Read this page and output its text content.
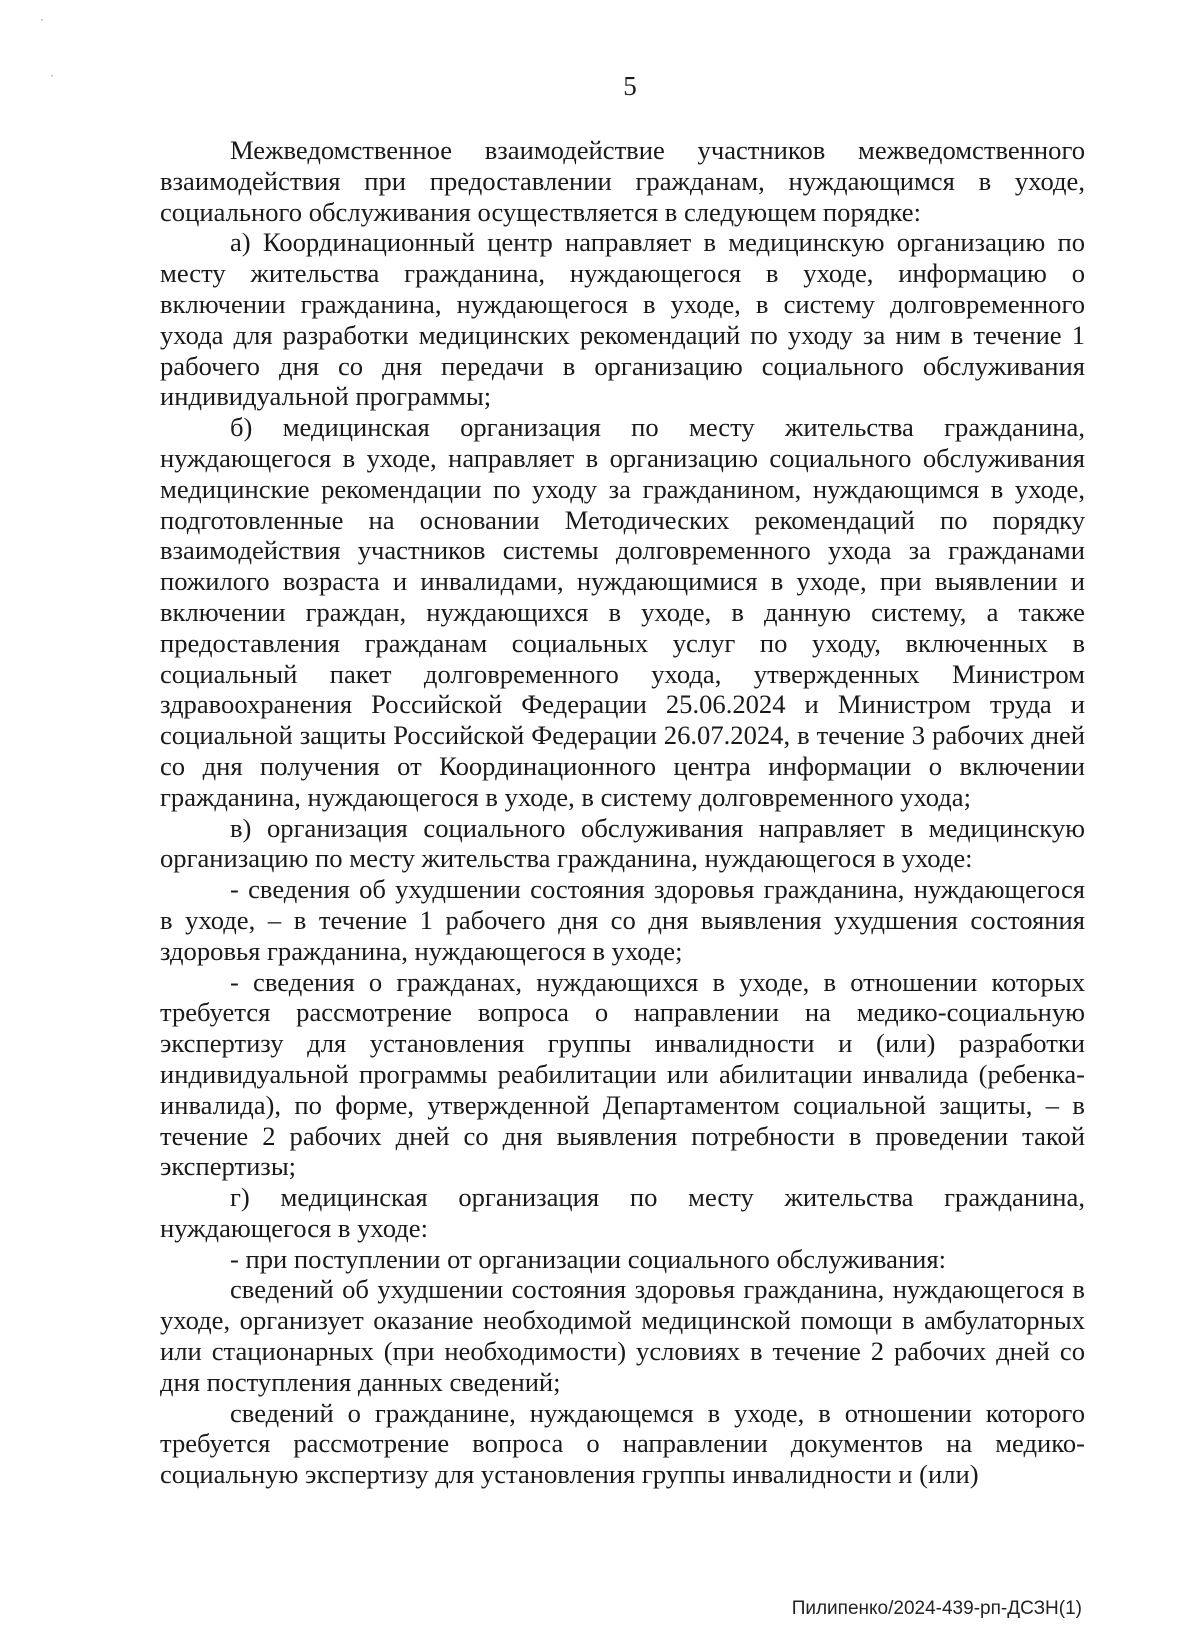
·
·	5

Межведомственное взаимодействие участников межведомственного взаимодействия при предоставлении гражданам, нуждающимся в уходе, социального обслуживания осуществляется в следующем порядке:

а) Координационный центр направляет в медицинскую организацию по месту жительства гражданина, нуждающегося в уходе, информацию о включении гражданина, нуждающегося в уходе, в систему долговременного ухода для разработки медицинских рекомендаций по уходу за ним в течение 1 рабочего дня со дня передачи в организацию социального обслуживания индивидуальной программы;

б) медицинская организация по месту жительства гражданина, нуждающегося в уходе, направляет в организацию социального обслуживания медицинские рекомендации по уходу за гражданином, нуждающимся в уходе, подготовленные на основании Методических рекомендаций по порядку взаимодействия участников системы долговременного ухода за гражданами пожилого возраста и инвалидами, нуждающимися в уходе, при выявлении и включении граждан, нуждающихся в уходе, в данную систему, а также предоставления гражданам социальных услуг по уходу, включенных в социальный пакет долговременного ухода, утвержденных Министром здравоохранения Российской Федерации 25.06.2024 и Министром труда и социальной защиты Российской Федерации 26.07.2024, в течение 3 рабочих дней со дня получения от Координационного центра информации о включении гражданина, нуждающегося в уходе, в систему долговременного ухода;

в) организация социального обслуживания направляет в медицинскую организацию по месту жительства гражданина, нуждающегося в уходе:

- сведения об ухудшении состояния здоровья гражданина, нуждающегося в уходе, – в течение 1 рабочего дня со дня выявления ухудшения состояния здоровья гражданина, нуждающегося в уходе;

- сведения о гражданах, нуждающихся в уходе, в отношении которых требуется рассмотрение вопроса о направлении на медико-социальную экспертизу для установления группы инвалидности и (или) разработки индивидуальной программы реабилитации или абилитации инвалида (ребенка-инвалида), по форме, утвержденной Департаментом социальной защиты, – в течение 2 рабочих дней со дня выявления потребности в проведении такой экспертизы;

г) медицинская организация по месту жительства гражданина, нуждающегося в уходе:

- при поступлении от организации социального обслуживания:

сведений об ухудшении состояния здоровья гражданина, нуждающегося в уходе, организует оказание необходимой медицинской помощи в амбулаторных или стационарных (при необходимости) условиях в течение 2 рабочих дней со дня поступления данных сведений;

сведений о гражданине, нуждающемся в уходе, в отношении которого требуется рассмотрение вопроса о направлении документов на медико-социальную экспертизу для установления группы инвалидности и (или)

Пилипенко/2024-439-рп-ДСЗН(1)
